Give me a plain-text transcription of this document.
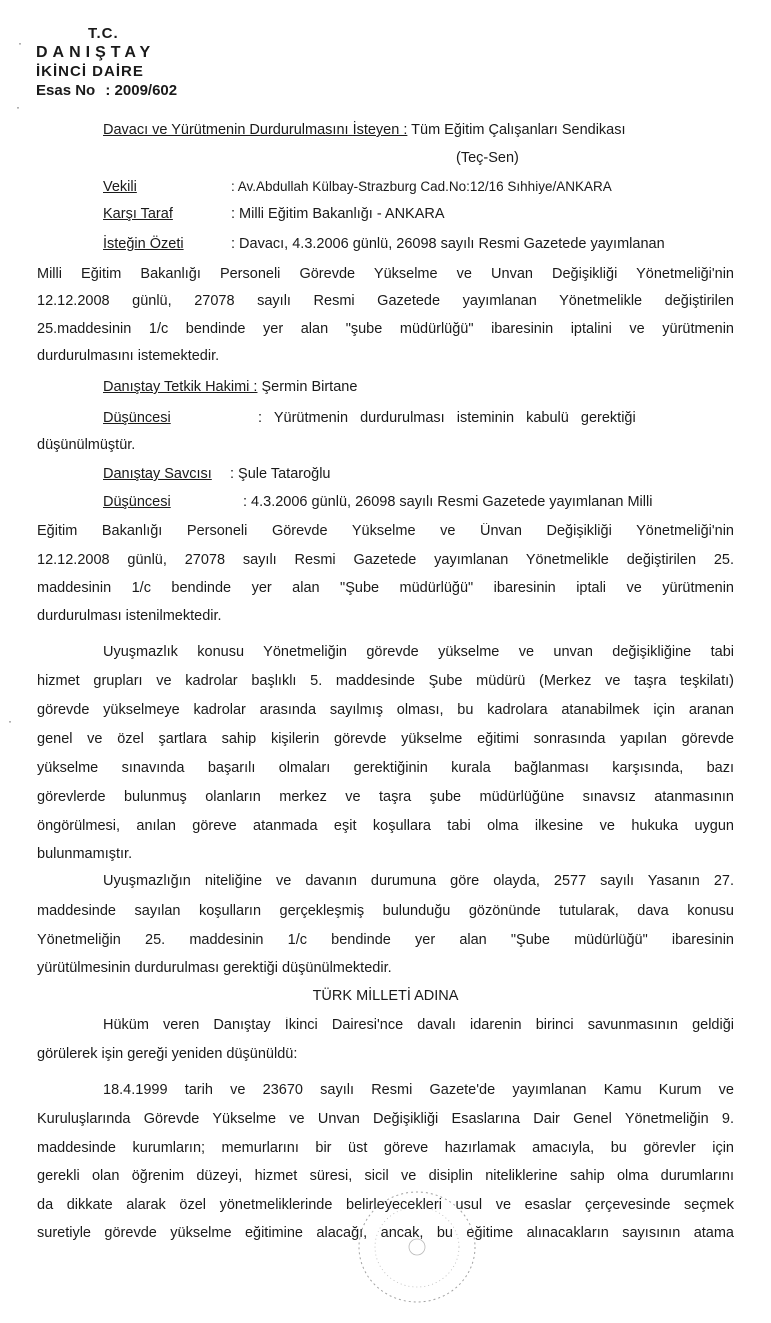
T.C.
DANIŞTAY
İKİNCİ DAİRE
Esas No : 2009/602
Davacı ve Yürütmenin Durdurulmasını İsteyen : Tüm Eğitim Çalışanları Sendikası
(Teç-Sen)
Vekili	: Av.Abdullah Külbay-Strazburg Cad.No:12/16 Sıhhiye/ANKARA
Karşı Taraf	: Milli Eğitim Bakanlığı - ANKARA
İsteğin Özeti	: Davacı, 4.3.2006 günlü, 26098 sayılı Resmi Gazetede yayımlanan
Milli Eğitim Bakanlığı Personeli Görevde Yükselme ve Unvan Değişikliği Yönetmeliği'nin
12.12.2008 günlü, 27078 sayılı Resmi Gazetede yayımlanan Yönetmelikle değiştirilen
25.maddesinin 1/c bendinde yer alan "şube müdürlüğü" ibaresinin iptalini ve yürütmenin
durdurulmasını istemektedir.
Danıştay Tetkik Hakimi : Şermin Birtane
Düşüncesi	:   Yürütmenin   durdurulması   isteminin   kabulü   gerektiği
düşünülmüştür.
Danıştay Savcısı : Şule Tataroğlu
Düşüncesi	: 4.3.2006 günlü, 26098 sayılı Resmi Gazetede yayımlanan Milli
Eğitim Bakanlığı Personeli Görevde Yükselme ve Ünvan Değişikliği Yönetmeliği'nin
12.12.2008 günlü, 27078 sayılı Resmi Gazetede yayımlanan Yönetmelikle değiştirilen 25.
maddesinin 1/c bendinde yer alan "Şube müdürlüğü" ibaresinin iptali ve yürütmenin
durdurulması istenilmektedir.
Uyuşmazlık konusu Yönetmeliğin görevde yükselme ve unvan değişikliğine tabi
hizmet grupları ve kadrolar başlıklı 5. maddesinde Şube müdürü (Merkez ve taşra teşkilatı)
görevde yükselmeye kadrolar arasında sayılmış olması, bu kadrolara atanabilmek için aranan
genel ve özel şartlara sahip kişilerin görevde yükselme eğitimi sonrasında yapılan görevde
yükselme sınavında başarılı olmaları gerektiğinin kurala bağlanması karşısında, bazı
görevlerde bulunmuş olanların merkez ve taşra şube müdürlüğüne sınavsız atanmasının
öngörülmesi, anılan göreve atanmada eşit koşullara tabi olma ilkesine ve hukuka uygun
bulunmamıştır.
Uyuşmazlığın niteliğine ve davanın durumuna göre olayda, 2577 sayılı Yasanın 27.
maddesinde sayılan koşulların gerçekleşmiş bulunduğu gözönünde tutularak, dava konusu
Yönetmeliğin 25. maddesinin 1/c bendinde yer alan "Şube müdürlüğü" ibaresinin
yürütülmesinin durdurulması gerektiği düşünülmektedir.
TÜRK MİLLETİ ADINA
Hüküm veren Danıştay İkinci Dairesi'nce davalı idarenin birinci savunmasının geldiği
görülerek işin gereği yeniden düşünüldü:
18.4.1999 tarih ve 23670 sayılı Resmi Gazete'de yayımlanan Kamu Kurum ve
Kuruluşlarında Görevde Yükselme ve Unvan Değişikliği Esaslarına Dair Genel Yönetmeliğin 9.
maddesinde kurumların; memurlarını bir üst göreve hazırlamak amacıyla, bu görevler için
gerekli olan öğrenim düzeyi, hizmet süresi, sicil ve disiplin niteliklerine sahip olma durumlarını
da dikkate alarak özel yönetmeliklerinde belirleyecekleri usul ve esaslar çerçevesinde seçmek
suretiyle görevde yükselme eğitimine alacağı, ancak, bu eğitime alınacakların sayısının atama
·
·
·
